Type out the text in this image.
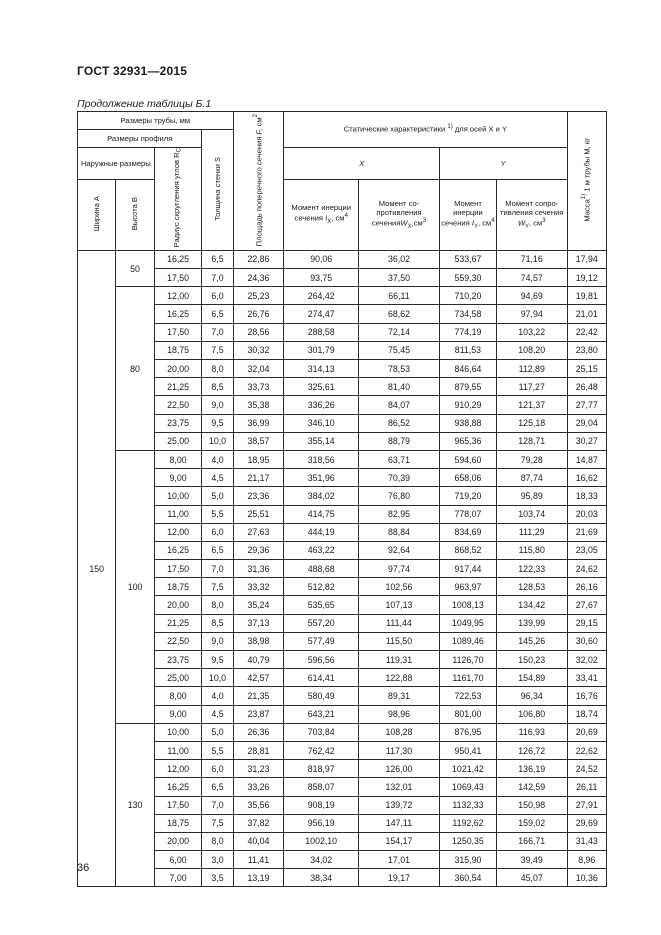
ГОСТ 32931—2015
Продолжение таблицы Б.1
Размеры трубы, мм				Площадь поперечного сечения F, $см^2$	Статические характеристики $^{1)}$ для осей X и Y				Масса$^{1)}$ 1 м трубы M, кг
Размеры профиля			Толщина стенки S						
Наружные размеры		Радиус скругления углов $R_C$			X		Y		
Ширина A	Высота B				Момент инерции сечения $I_X$, $см^4$	Момент со-противления $сеченияW_X,см^3$	Момент инерции сечения $I_Y$, $см^4$	Момент сопро-тивления сечения $W_Y$, $см^3$

150	50	16,25	6,5	22,86	90,06	36,02	533,67	71,16	17,94
		17,50	7,0	24,36	93,75	37,50	559,30	74,57	19,12
	80	12,00	6,0	25,23	264,42	66,11	710,20	94,69	19,81
		16,25	6,5	26,76	274,47	68,62	734,58	97,94	21,01
		17,50	7,0	28,56	288,58	72,14	774,19	103,22	22,42
		18,75	7,5	30,32	301,79	75,45	811,53	108,20	23,80
		20,00	8,0	32,04	314,13	78,53	846,64	112,89	25,15
		21,25	8,5	33,73	325,61	81,40	879,55	117,27	26,48
		22,50	9,0	35,38	336,26	84,07	910,29	121,37	27,77
		23,75	9,5	36,99	346,10	86,52	938,88	125,18	29,04
		25,00	10,0	38,57	355,14	88,79	965,36	128,71	30,27
	100	8,00	4,0	18,95	318,56	63,71	594,60	79,28	14,87
		9,00	4,5	21,17	351,96	70,39	658,06	87,74	16,62
		10,00	5,0	23,36	384,02	76,80	719,20	95,89	18,33
		11,00	5,5	25,51	414,75	82,95	778,07	103,74	20,03
		12,00	6,0	27,63	444,19	88,84	834,69	111,29	21,69
		16,25	6,5	29,36	463,22	92,64	868,52	115,80	23,05
		17,50	7,0	31,36	488,68	97,74	917,44	122,33	24,62
		18,75	7,5	33,32	512,82	102,56	963,97	128,53	26,16
		20,00	8,0	35,24	535,65	107,13	1008,13	134,42	27,67
		21,25	8,5	37,13	557,20	111,44	1049,95	139,99	29,15
		22,50	9,0	38,98	577,49	115,50	1089,46	145,26	30,60
		23,75	9,5	40,79	596,56	119,31	1126,70	150,23	32,02
		25,00	10,0	42,57	614,41	122,88	1161,70	154,89	33,41
		8,00	4,0	21,35	580,49	89,31	722,53	96,34	16,76
		9,00	4,5	23,87	643,21	98,96	801,00	106,80	18,74
	130	10,00	5,0	26,36	703,84	108,28	876,95	116,93	20,69
		11,00	5,5	28,81	762,42	117,30	950,41	126,72	22,62
		12,00	6,0	31,23	818,97	126,00	1021,42	136,19	24,52
		16,25	6,5	33,26	858,07	132,01	1069,43	142,59	26,11
		17,50	7,0	35,56	908,19	139,72	1132,33	150,98	27,91
		18,75	7,5	37,82	956,19	147,11	1192,62	159,02	29,69
		20,00	8,0	40,04	1002,10	154,17	1250,35	166,71	31,43
		6,00	3,0	11,41	34,02	17,01	315,90	39,49	8,96
		7,00	3,5	13,19	38,34	19,17	360,54	45,07	10,36
36
